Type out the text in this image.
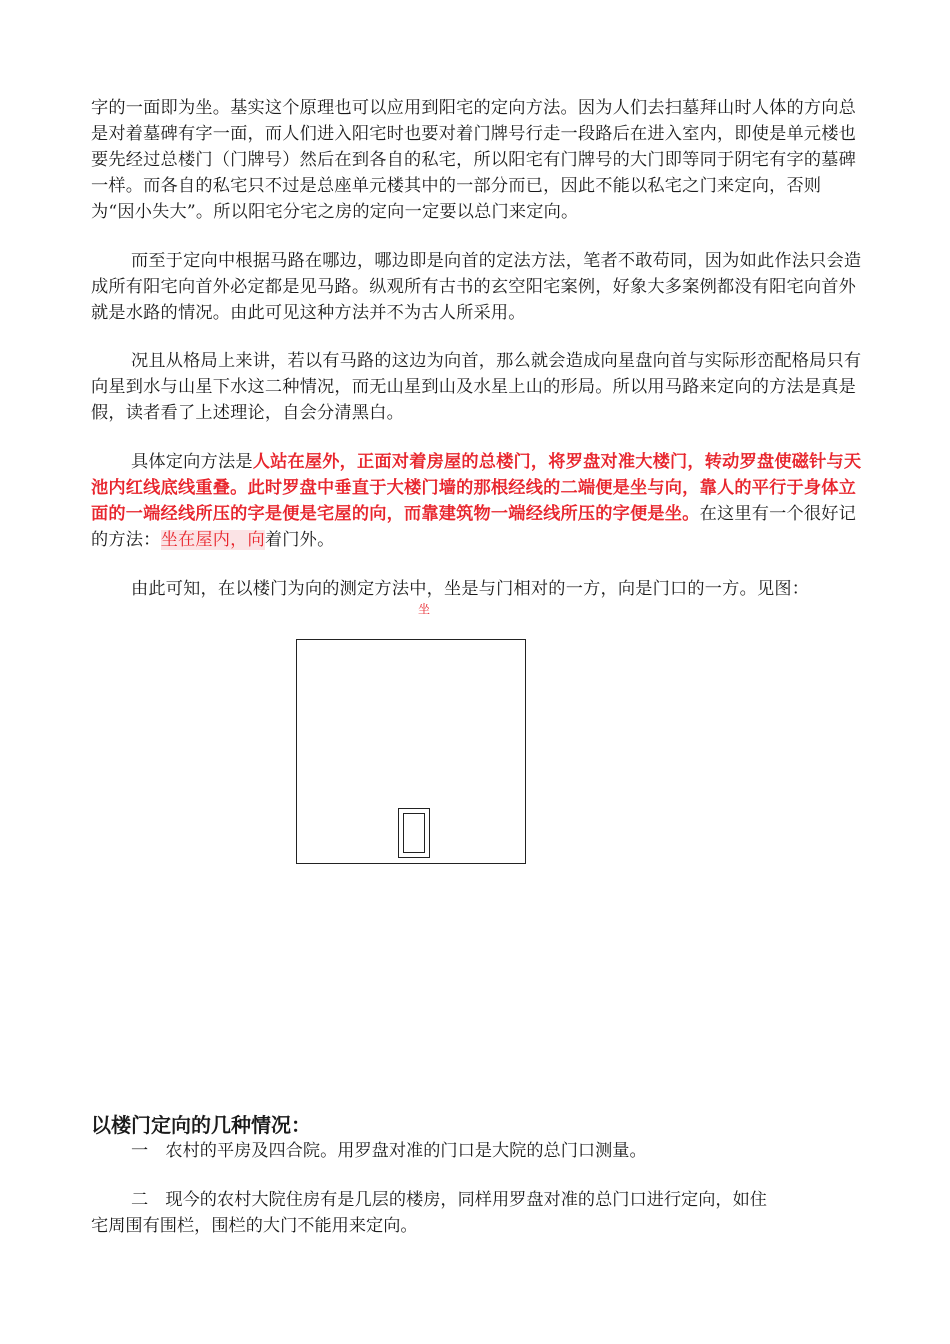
字的一面即为坐。基实这个原理也可以应用到阳宅的定向方法。因为人们去扫墓拜山时人体的方向总是对着墓碑有字一面，而人们进入阳宅时也要对着门牌号行走一段路后在进入室内，即使是单元楼也要先经过总楼门（门牌号）然后在到各自的私宅，所以阳宅有门牌号的大门即等同于阴宅有字的墓碑一样。而各自的私宅只不过是总座单元楼其中的一部分而已，因此不能以私宅之门来定向，否则为“因小失大”。所以阳宅分宅之房的定向一定要以总门来定向。

而至于定向中根据马路在哪边，哪边即是向首的定法方法，笔者不敢苟同，因为如此作法只会造成所有阳宅向首外必定都是见马路。纵观所有古书的玄空阳宅案例，好象大多案例都没有阳宅向首外就是水路的情况。由此可见这种方法并不为古人所采用。

况且从格局上来讲，若以有马路的这边为向首，那么就会造成向星盘向首与实际形峦配格局只有向星到水与山星下水这二种情况，而无山星到山及水星上山的形局。所以用马路来定向的方法是真是假，读者看了上述理论，自会分清黑白。

具体定向方法是人站在屋外，正面对着房屋的总楼门，将罗盘对准大楼门，转动罗盘使磁针与天池内红线底线重叠。此时罗盘中垂直于大楼门墙的那根经线的二端便是坐与向，靠人的平行于身体立面的一端经线所压的字是便是宅屋的向，而靠建筑物一端经线所压的字便是坐。在这里有一个很好记的方法：坐在屋内，向着门外。

由此可知，在以楼门为向的测定方法中，坐是与门相对的一方，向是门口的一方。见图：

坐
以楼门定向的几种情况：

一　农村的平房及四合院。用罗盘对准的门口是大院的总门口测量。

二　现今的农村大院住房有是几层的楼房，同样用罗盘对准的总门口进行定向，如住宅周围有围栏，围栏的大门不能用来定向。
